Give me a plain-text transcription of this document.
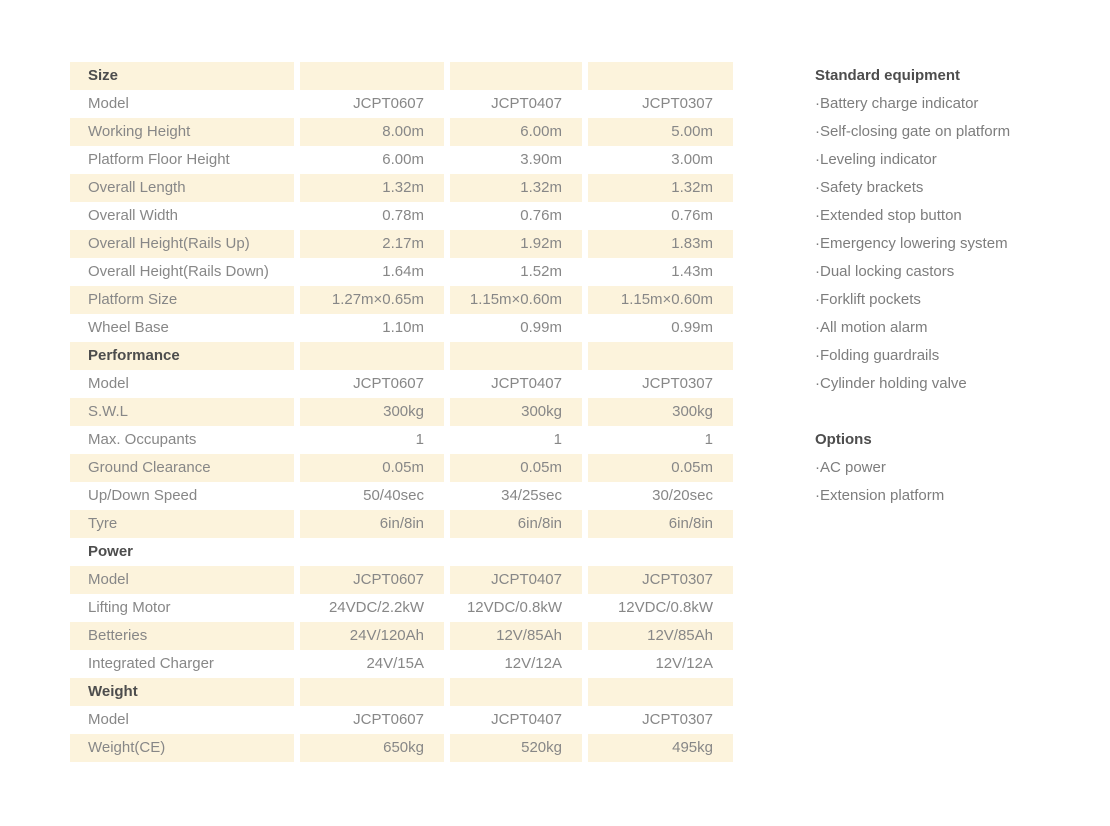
Size
Model	JCPT0607	JCPT0407	JCPT0307
Working Height	8.00m	6.00m	5.00m
Platform Floor Height	6.00m	3.90m	3.00m
Overall Length	1.32m	1.32m	1.32m
Overall Width	0.78m	0.76m	0.76m
Overall Height(Rails Up)	2.17m	1.92m	1.83m
Overall Height(Rails Down)	1.64m	1.52m	1.43m
Platform Size	1.27m×0.65m	1.15m×0.60m	1.15m×0.60m
Wheel Base	1.10m	0.99m	0.99m
Performance
Model	JCPT0607	JCPT0407	JCPT0307
S.W.L	300kg	300kg	300kg
Max. Occupants	1	1	1
Ground Clearance	0.05m	0.05m	0.05m
Up/Down Speed	50/40sec	34/25sec	30/20sec
Tyre	6in/8in	6in/8in	6in/8in
Power
Model	JCPT0607	JCPT0407	JCPT0307
Lifting Motor	24VDC/2.2kW	12VDC/0.8kW	12VDC/0.8kW
Betteries	24V/120Ah	12V/85Ah	12V/85Ah
Integrated Charger	24V/15A	12V/12A	12V/12A
Weight
Model	JCPT0607	JCPT0407	JCPT0307
Weight(CE)	650kg	520kg	495kg
Standard equipment
·Battery charge indicator
·Self-closing gate on platform
·Leveling indicator
·Safety brackets
·Extended stop button
·Emergency lowering system
·Dual locking castors
·Forklift pockets
·All motion alarm
·Folding guardrails
·Cylinder holding valve
Options
·AC power
·Extension platform
